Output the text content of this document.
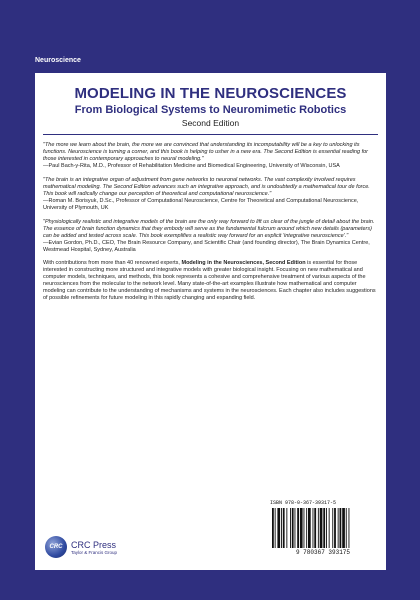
Neuroscience
MODELING IN THE NEUROSCIENCES
From Biological Systems to Neuromimetic Robotics
Second Edition
"The more we learn about the brain, the more we are convinced that understanding its incomputability will be a key to unlocking its functions. Neuroscience is turning a corner, and this book is helping to usher in a new era. The Second Edition is essential reading for those interested in contemporary approaches to neural modeling."
—Paul Bach-y-Rita, M.D., Professor of Rehabilitation Medicine and Biomedical Engineering, University of Wisconsin, USA
"The brain is an integrative organ of adjustment from gene networks to neuronal networks. The vast complexity involved requires mathematical modeling. The Second Edition advances such an integrative approach, and is undoubtedly a mathematical tour de force. This book will radically change our perception of theoretical and computational neuroscience."
—Roman M. Borisyuk, D.Sc., Professor of Computational Neuroscience, Centre for Theoretical and Computational Neuroscience, University of Plymouth, UK
"Physiologically realistic and integrative models of the brain are the only way forward to lift us clear of the jungle of detail about the brain. The essence of brain function dynamics that they embody will serve as the fundamental fulcrum around which new details (parameters) can be added and tested across scale. This book exemplifies a realistic way forward for an explicit 'integrative neuroscience'."
—Evian Gordon, Ph.D., CEO, The Brain Resource Company, and Scientific Chair (and founding director), The Brain Dynamics Centre, Westmead Hospital, Sydney, Australia
With contributions from more than 40 renowned experts, Modeling in the Neurosciences, Second Edition is essential for those interested in constructing more structured and integrative models with greater biological insight. Focusing on new mathematical and computer models, techniques, and methods, this book represents a cohesive and comprehensive treatment of various aspects of the neurosciences from the molecular to the network level. Many state-of-the-art examples illustrate how mathematical and computer modeling can contribute to the understanding of mechanisms and systems in the neurosciences. Each chapter also includes suggestions of possible refinements for future modeling in this rapidly changing and expanding field.
CRC CRC Press
Taylor & Francis Group
ISBN 978-0-367-39317-5
9 780367 393175
